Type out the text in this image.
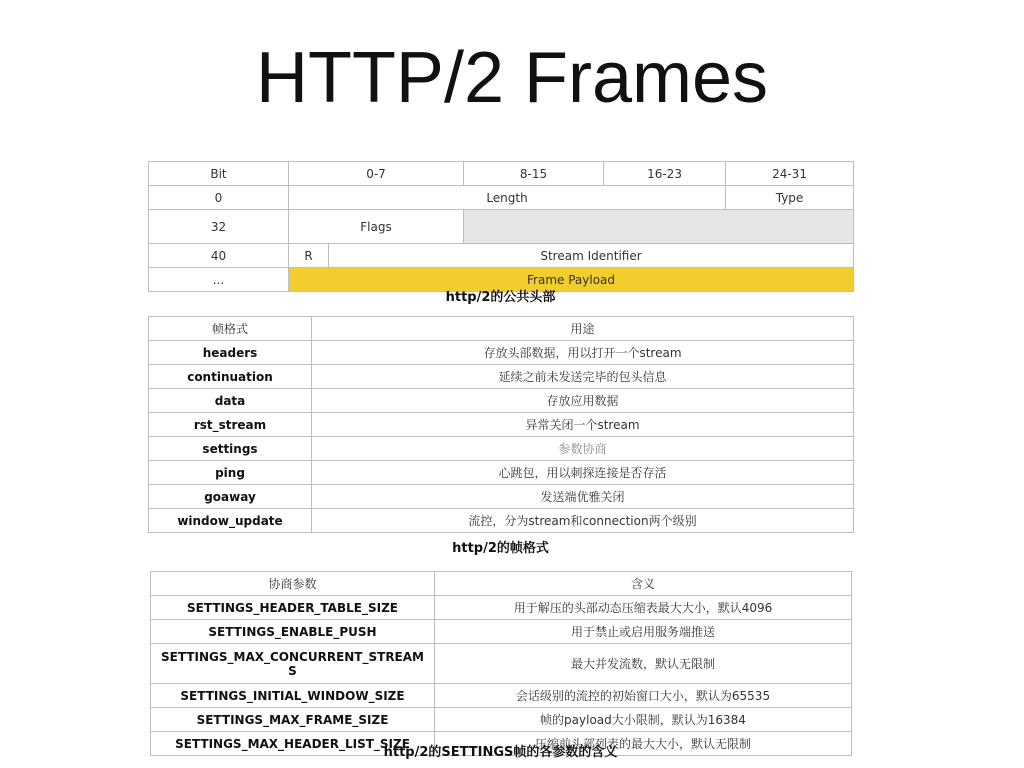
HTTP/2 Frames
Bit	0-7		8-15	16-23	24-31
0	Length				Type
32	Flags				
40	R	Stream Identifier			
...	Frame Payload				
http/2的公共头部
帧格式	用途
headers	存放头部数据，用以打开一个stream
continuation	延续之前未发送完毕的包头信息
data	存放应用数据
rst_stream	异常关闭一个stream
settings	参数协商
ping	心跳包，用以刺探连接是否存活
goaway	发送端优雅关闭
window_update	流控，分为stream和connection两个级别
http/2的帧格式
协商参数	含义
SETTINGS_HEADER_TABLE_SIZE	用于解压的头部动态压缩表最大大小，默认4096
SETTINGS_ENABLE_PUSH	用于禁止或启用服务端推送
SETTINGS_MAX_CONCURRENT_STREAMS	最大并发流数，默认无限制
SETTINGS_INITIAL_WINDOW_SIZE	会话级别的流控的初始窗口大小，默认为65535
SETTINGS_MAX_FRAME_SIZE	帧的payload大小限制，默认为16384
SETTINGS_MAX_HEADER_LIST_SIZE	压缩前头部列表的最大大小，默认无限制
http/2的SETTINGS帧的各参数的含义
